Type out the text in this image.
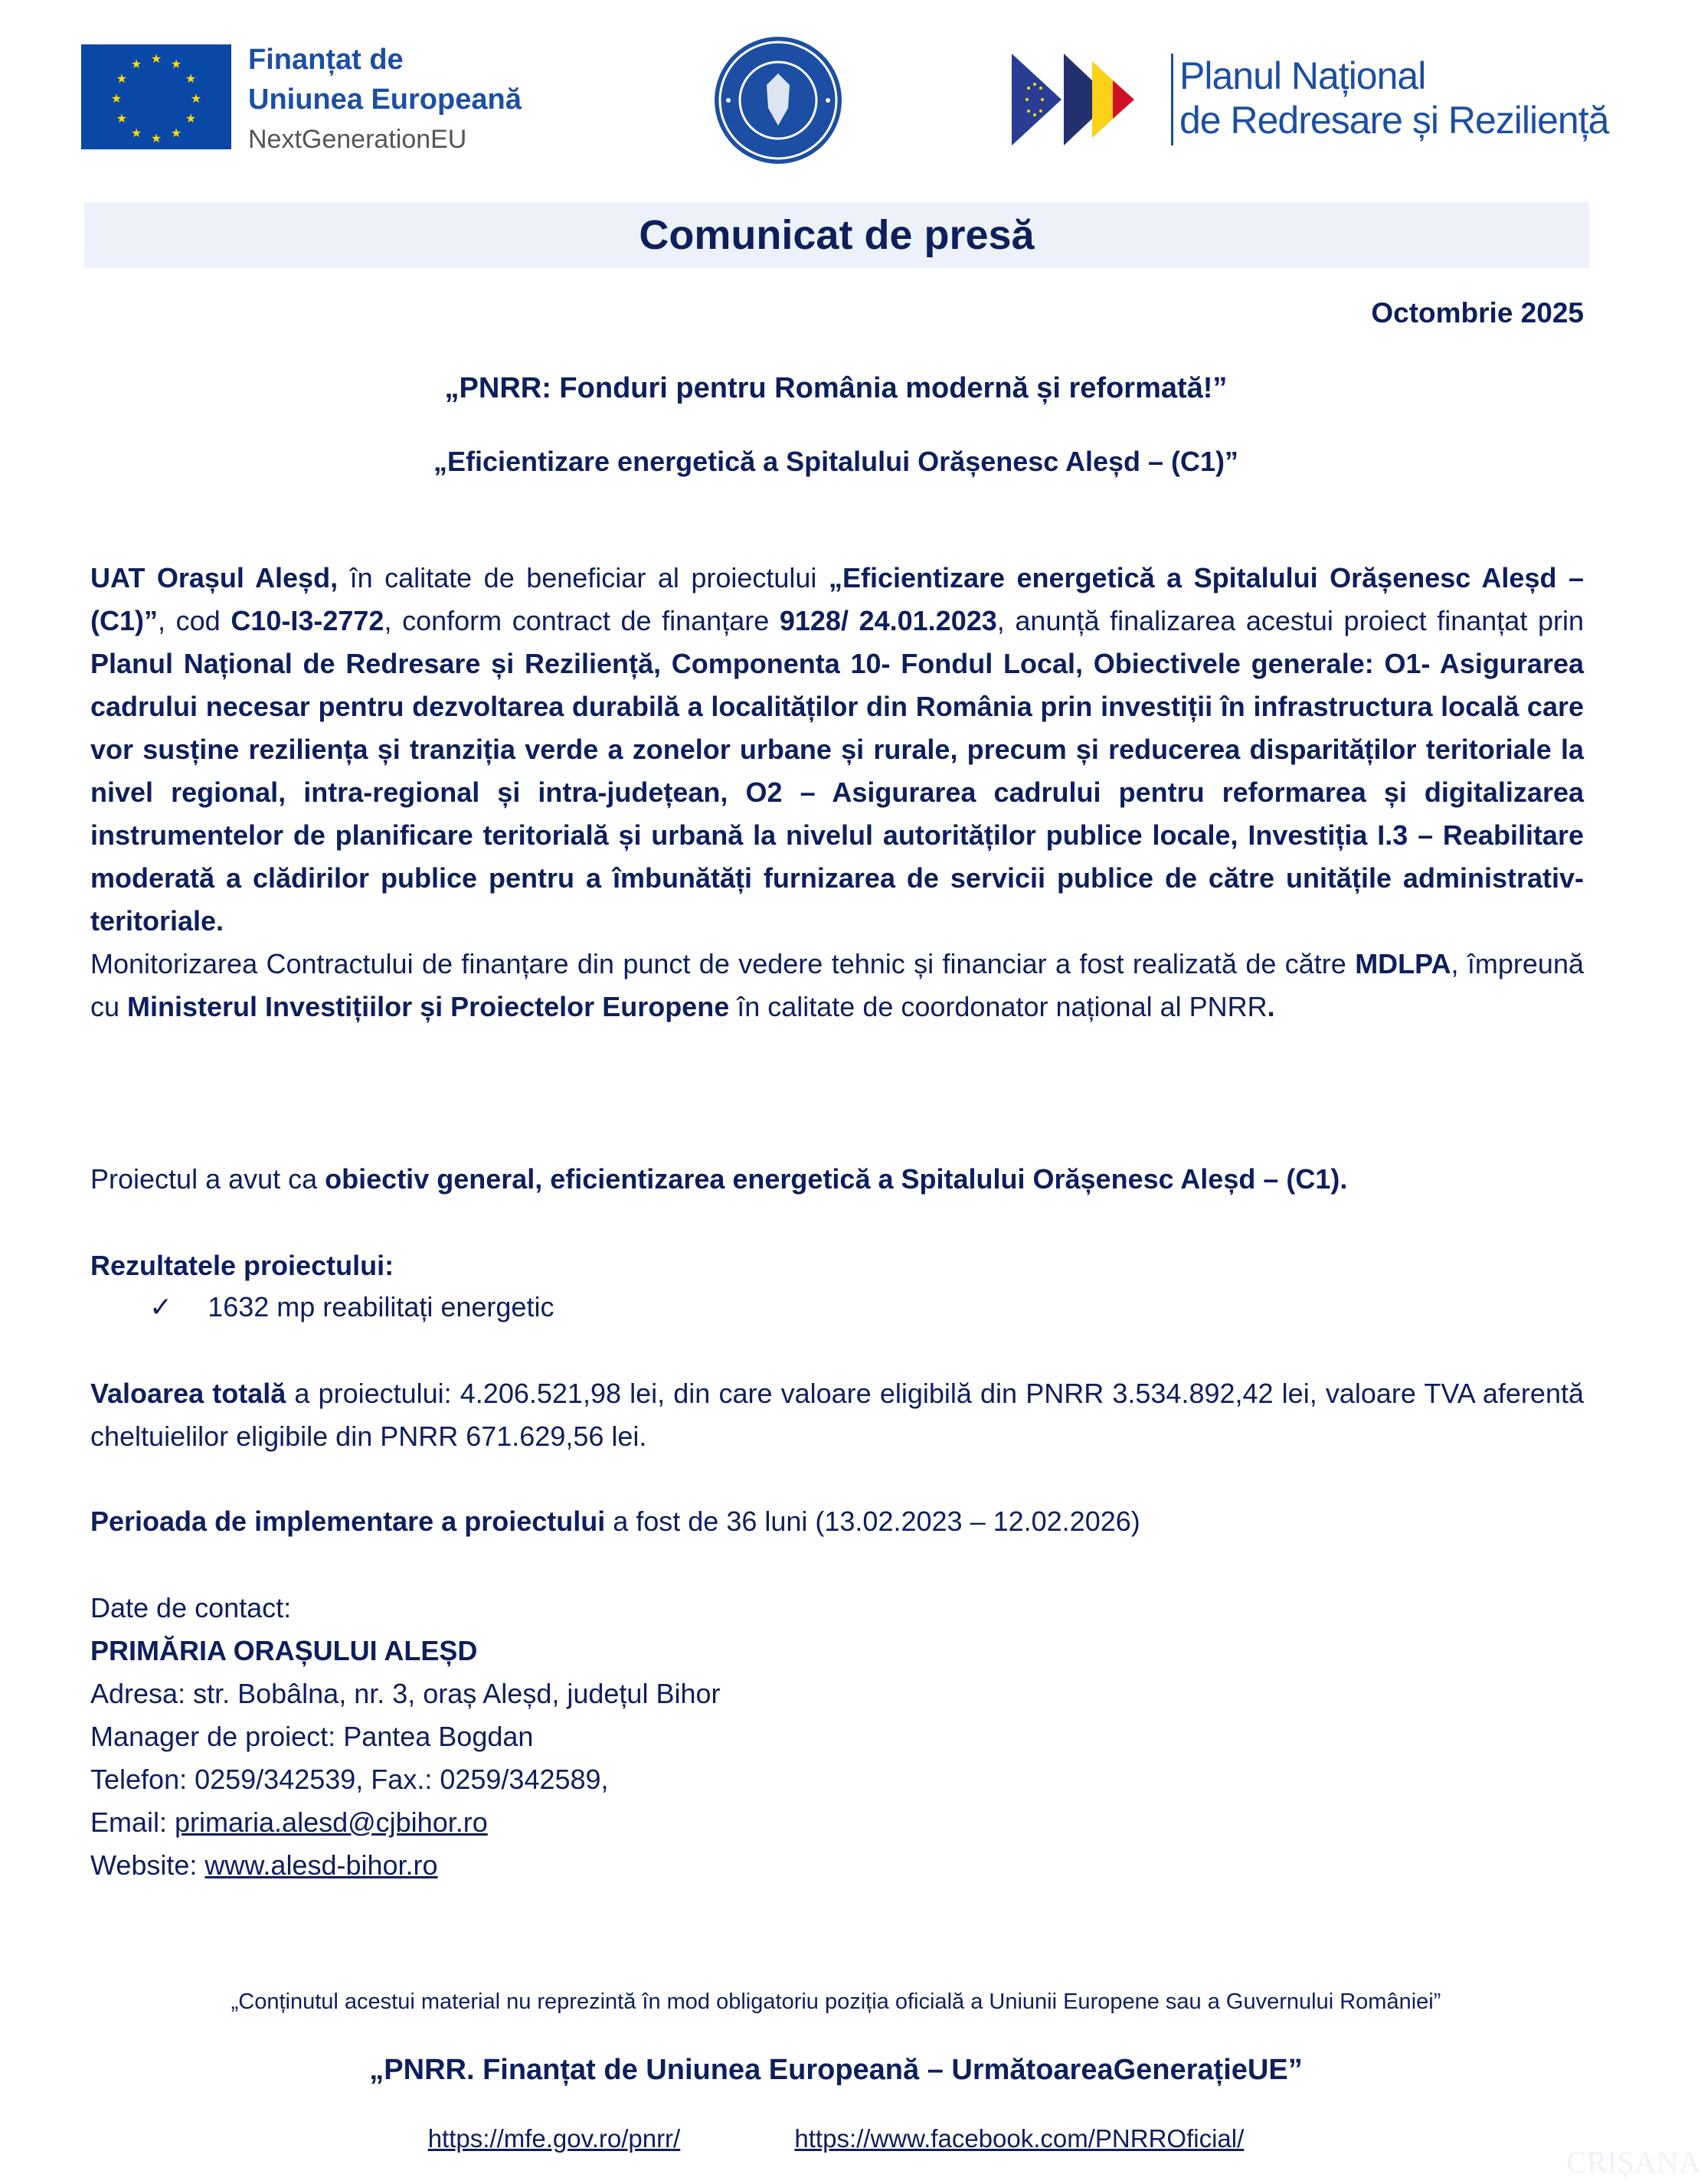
★ ★
★
★
★
★
★
★
★
★
★
★	Finanțat de
Uniunea Europeană
NextGenerationEU
Planul Național
de Redresare și Reziliență
Comunicat de presă
Octombrie 2025
„PNRR: Fonduri pentru România modernă și reformată!”
„Eficientizare energetică a Spitalului Orășenesc Aleșd – (C1)”
UAT Orașul Aleșd, în calitate de beneficiar al proiectului „Eficientizare energetică a Spitalului Orășenesc Aleșd – (C1)”, cod C10-I3-2772, conform contract de finanțare 9128/ 24.01.2023, anunță finalizarea acestui proiect finanțat prin Planul Național de Redresare și Reziliență, Componenta 10- Fondul Local, Obiectivele generale: O1- Asigurarea cadrului necesar pentru dezvoltarea durabilă a localităților din România prin investiții în infrastructura locală care vor susține reziliența și tranziția verde a zonelor urbane și rurale, precum și reducerea disparităților teritoriale la nivel regional, intra-regional și intra-județean, O2 – Asigurarea cadrului pentru reformarea și digitalizarea instrumentelor de planificare teritorială și urbană la nivelul autorităților publice locale, Investiția I.3 – Reabilitare moderată a clădirilor publice pentru a îmbunătăți furnizarea de servicii publice de către unitățile administrativ-teritoriale.
Monitorizarea Contractului de finanțare din punct de vedere tehnic și financiar a fost realizată de către MDLPA, împreună cu Ministerul Investițiilor și Proiectelor Europene în calitate de coordonator național al PNRR.
Proiectul a avut ca obiectiv general, eficientizarea energetică a Spitalului Orășenesc Aleșd – (C1).
Rezultatele proiectului:
✓ 1632 mp reabilitați energetic
Valoarea totală a proiectului: 4.206.521,98 lei, din care valoare eligibilă din PNRR 3.534.892,42 lei, valoare TVA aferentă cheltuielilor eligibile din PNRR 671.629,56 lei.
Perioada de implementare a proiectului a fost de 36 luni (13.02.2023 – 12.02.2026)
Date de contact:
PRIMĂRIA ORAȘULUI ALEȘD
Adresa: str. Bobâlna, nr. 3, oraș Aleșd, județul Bihor
Manager de proiect: Pantea Bogdan
Telefon: 0259/342539, Fax.: 0259/342589,
Email: primaria.alesd@cjbihor.ro
Website: www.alesd-bihor.ro
„Conținutul acestui material nu reprezintă în mod obligatoriu poziția oficială a Uniunii Europene sau a Guvernului României”
„PNRR. Finanțat de Uniunea Europeană – UrmătoareaGenerațieUE”
https://mfe.gov.ro/pnrr/	https://www.facebook.com/PNRROficial/
CRIȘANA
